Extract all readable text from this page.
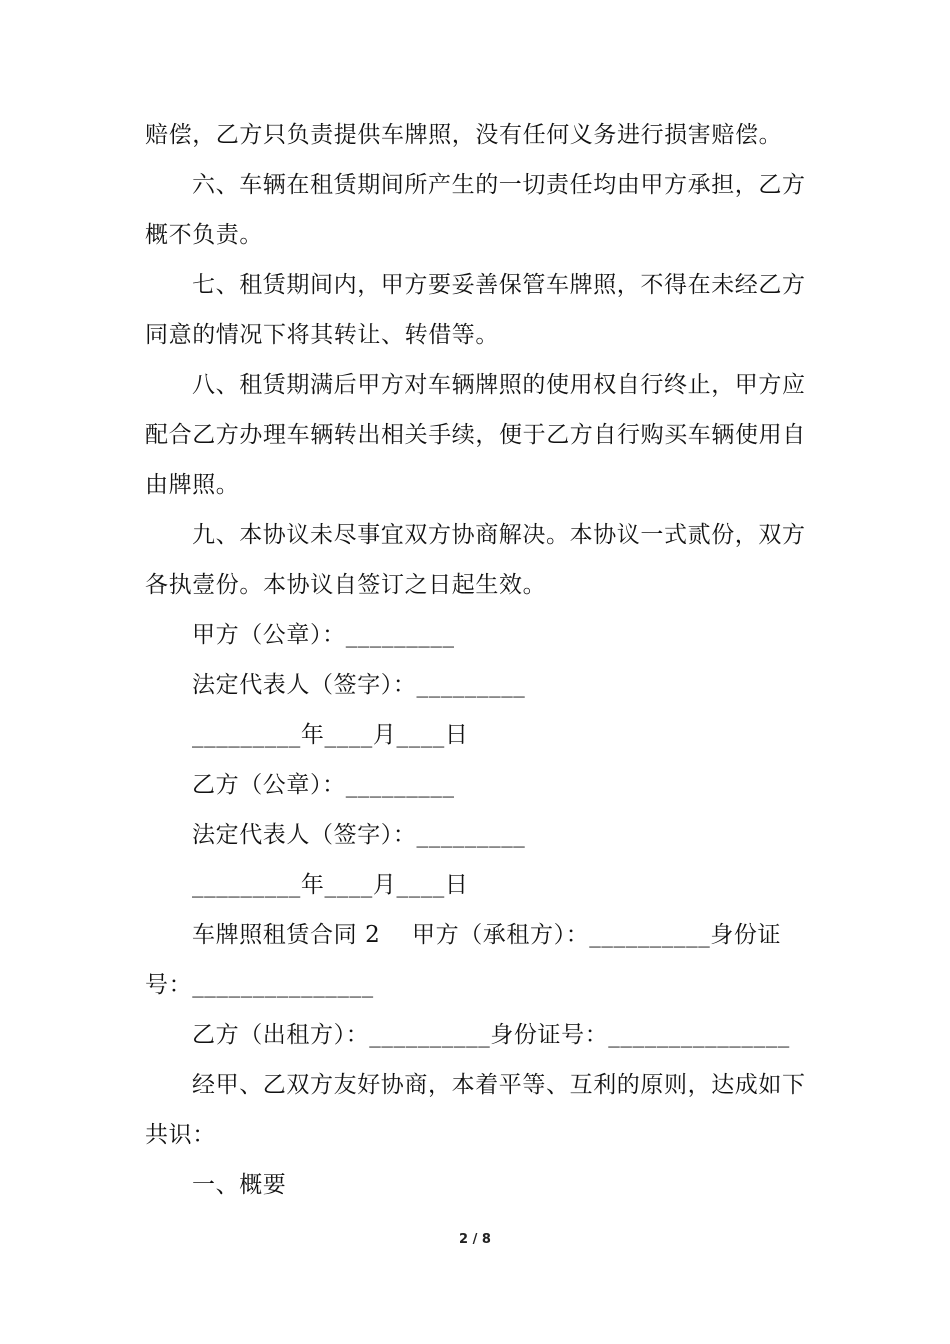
赔偿，乙方只负责提供车牌照，没有任何义务进行损害赔偿。
六、车辆在租赁期间所产生的一切责任均由甲方承担，乙方
概不负责。
七、租赁期间内，甲方要妥善保管车牌照，不得在未经乙方
同意的情况下将其转让、转借等。
八、租赁期满后甲方对车辆牌照的使用权自行终止，甲方应
配合乙方办理车辆转出相关手续，便于乙方自行购买车辆使用自
由牌照。
九、本协议未尽事宜双方协商解决。本协议一式贰份，双方
各执壹份。本协议自签订之日起生效。
甲方（公章）：_________
法定代表人（签字）：_________
_________年____月____日
乙方（公章）：_________
法定代表人（签字）：_________
_________年____月____日
车牌照租赁合同 2    甲方（承租方）：__________身份证
号：_______________
乙方（出租方）：__________身份证号：_______________
经甲、乙双方友好协商，本着平等、互利的原则，达成如下
共识：
一、概要
2 / 8
